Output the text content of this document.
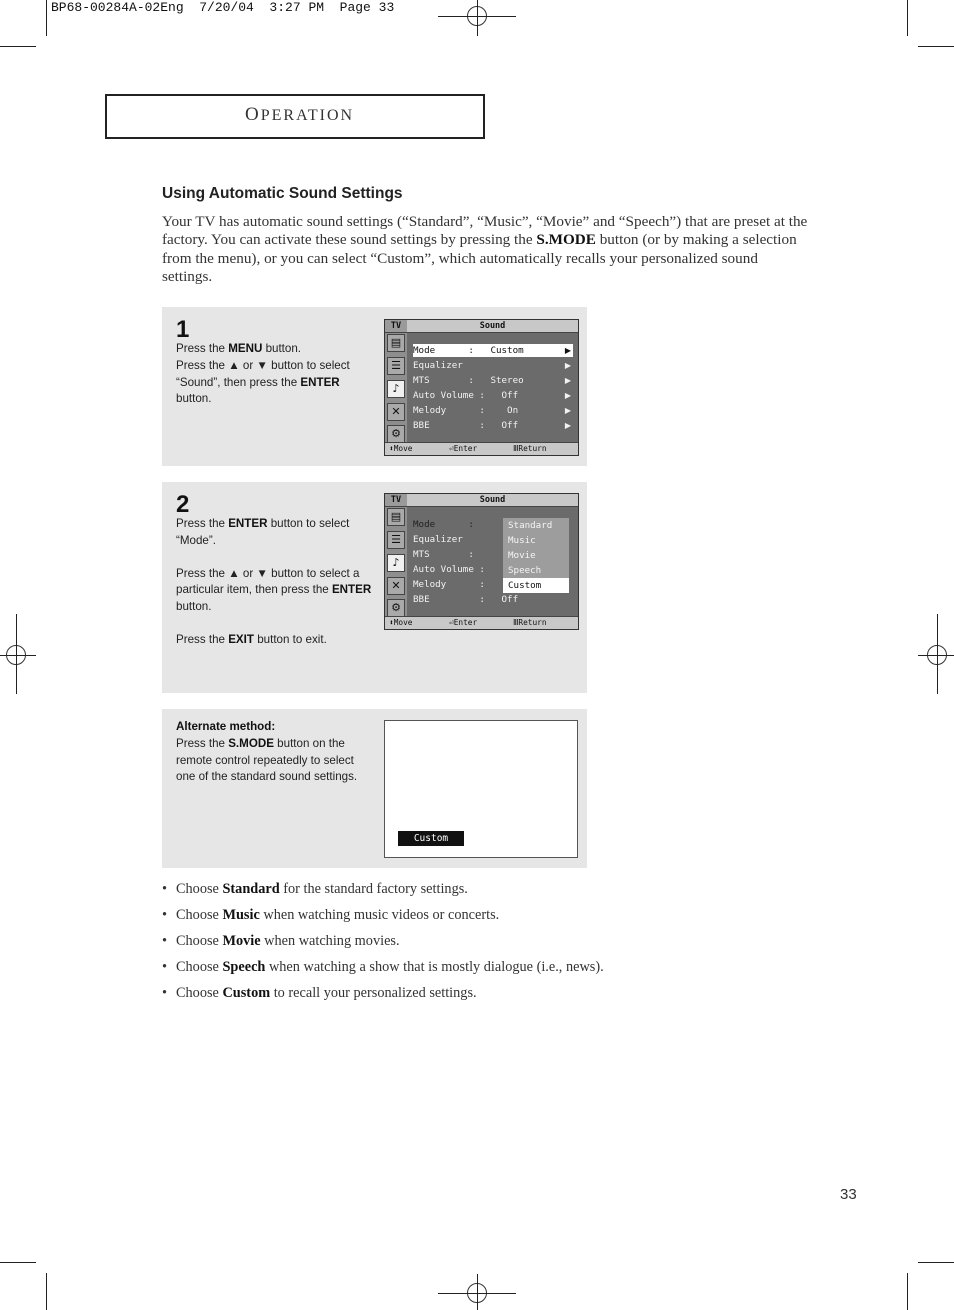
BP68-00284A-02Eng  7/20/04  3:27 PM  Page 33
OPERATION
Using Automatic Sound Settings
Your TV has automatic sound settings (“Standard”, “Music”, “Movie” and “Speech”) that are preset at the factory. You can activate these sound settings by pressing the S.MODE button (or by making a selection from the menu), or you can select “Custom”, which automatically recalls your personalized sound settings.
1
Press the MENU button.
Press the ▲ or ▼ button to select “Sound”, then press the ENTER button.
TV	Sound
▤
☰
♪
✕
⚙
Mode      :   Custom	▶
Equalizer	▶
MTS       :   Stereo	▶
Auto Volume :   Off	▶
Melody      :    On	▶
BBE         :   Off	▶
⬍Move	⏎Enter	ⅢReturn
2
Press the ENTER button to select “Mode”.
Press the ▲ or ▼ button to select a particular item, then press the ENTER button.
Press the EXIT button to exit.
TV	Sound
▤
☰
♪
✕
⚙
Mode      :
Equalizer
MTS       :
Auto Volume :
Melody      :
BBE         :   Off
Standard
Music
Movie
Speech
Custom
⬍Move	⏎Enter	ⅢReturn
Alternate method:
Press the S.MODE button on the remote control repeatedly to select one of the standard sound settings.
Custom
• Choose Standard for the standard factory settings.
• Choose Music when watching music videos or concerts.
• Choose Movie when watching movies.
• Choose Speech when watching a show that is mostly dialogue (i.e., news).
• Choose Custom to recall your personalized settings.
33
